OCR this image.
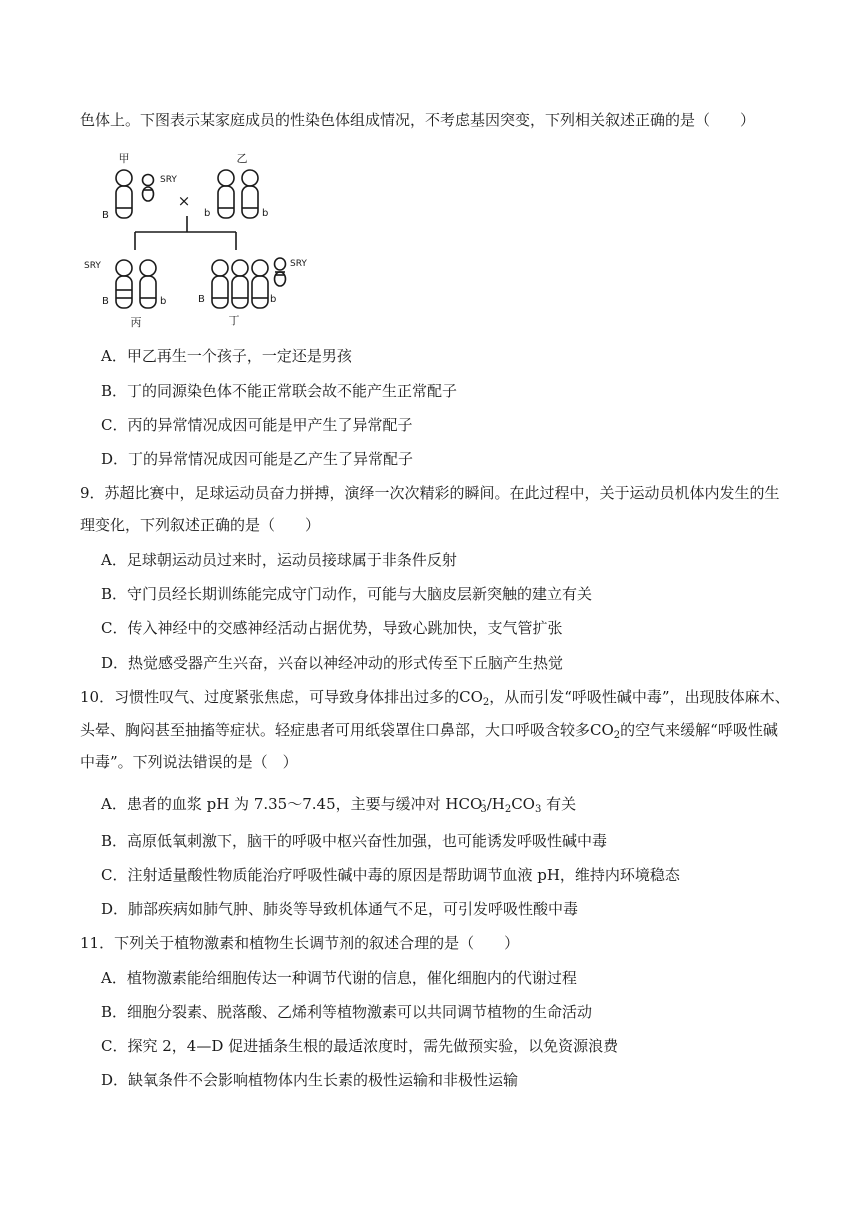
色体上。下图表示某家庭成员的性染色体组成情况，不考虑基因突变，下列相关叙述正确的是（　　）
甲	乙
SRY
×
B	b	b
SRY
B	b
丙
B	b
SRY
丁
A．甲乙再生一个孩子，一定还是男孩
B．丁的同源染色体不能正常联会故不能产生正常配子
C．丙的异常情况成因可能是甲产生了异常配子
D．丁的异常情况成因可能是乙产生了异常配子
9．苏超比赛中，足球运动员奋力拼搏，演绎一次次精彩的瞬间。在此过程中，关于运动员机体内发生的生
理变化，下列叙述正确的是（　　）
A．足球朝运动员过来时，运动员接球属于非条件反射
B．守门员经长期训练能完成守门动作，可能与大脑皮层新突触的建立有关
C．传入神经中的交感神经活动占据优势，导致心跳加快，支气管扩张
D．热觉感受器产生兴奋，兴奋以神经冲动的形式传至下丘脑产生热觉
10．习惯性叹气、过度紧张焦虑，可导致身体排出过多的$CO_2$，从而引发“呼吸性碱中毒”，出现肢体麻木、
头晕、胸闷甚至抽搐等症状。轻症患者可用纸袋罩住口鼻部，大口呼吸含较多$CO_2$的空气来缓解“呼吸性碱
中毒”。下列说法错误的是（　）
A．患者的血浆 pH 为 7.35～7.45，主要与缓冲对 $HCO^-_3/H_2CO_3$ 有关
B．高原低氧刺激下，脑干的呼吸中枢兴奋性加强，也可能诱发呼吸性碱中毒
C．注射适量酸性物质能治疗呼吸性碱中毒的原因是帮助调节血液 pH，维持内环境稳态
D．肺部疾病如肺气肿、肺炎等导致机体通气不足，可引发呼吸性酸中毒
11．下列关于植物激素和植物生长调节剂的叙述合理的是（　　）
A．植物激素能给细胞传达一种调节代谢的信息，催化细胞内的代谢过程
B．细胞分裂素、脱落酸、乙烯利等植物激素可以共同调节植物的生命活动
C．探究 2，4—D 促进插条生根的最适浓度时，需先做预实验，以免资源浪费
D．缺氧条件不会影响植物体内生长素的极性运输和非极性运输
